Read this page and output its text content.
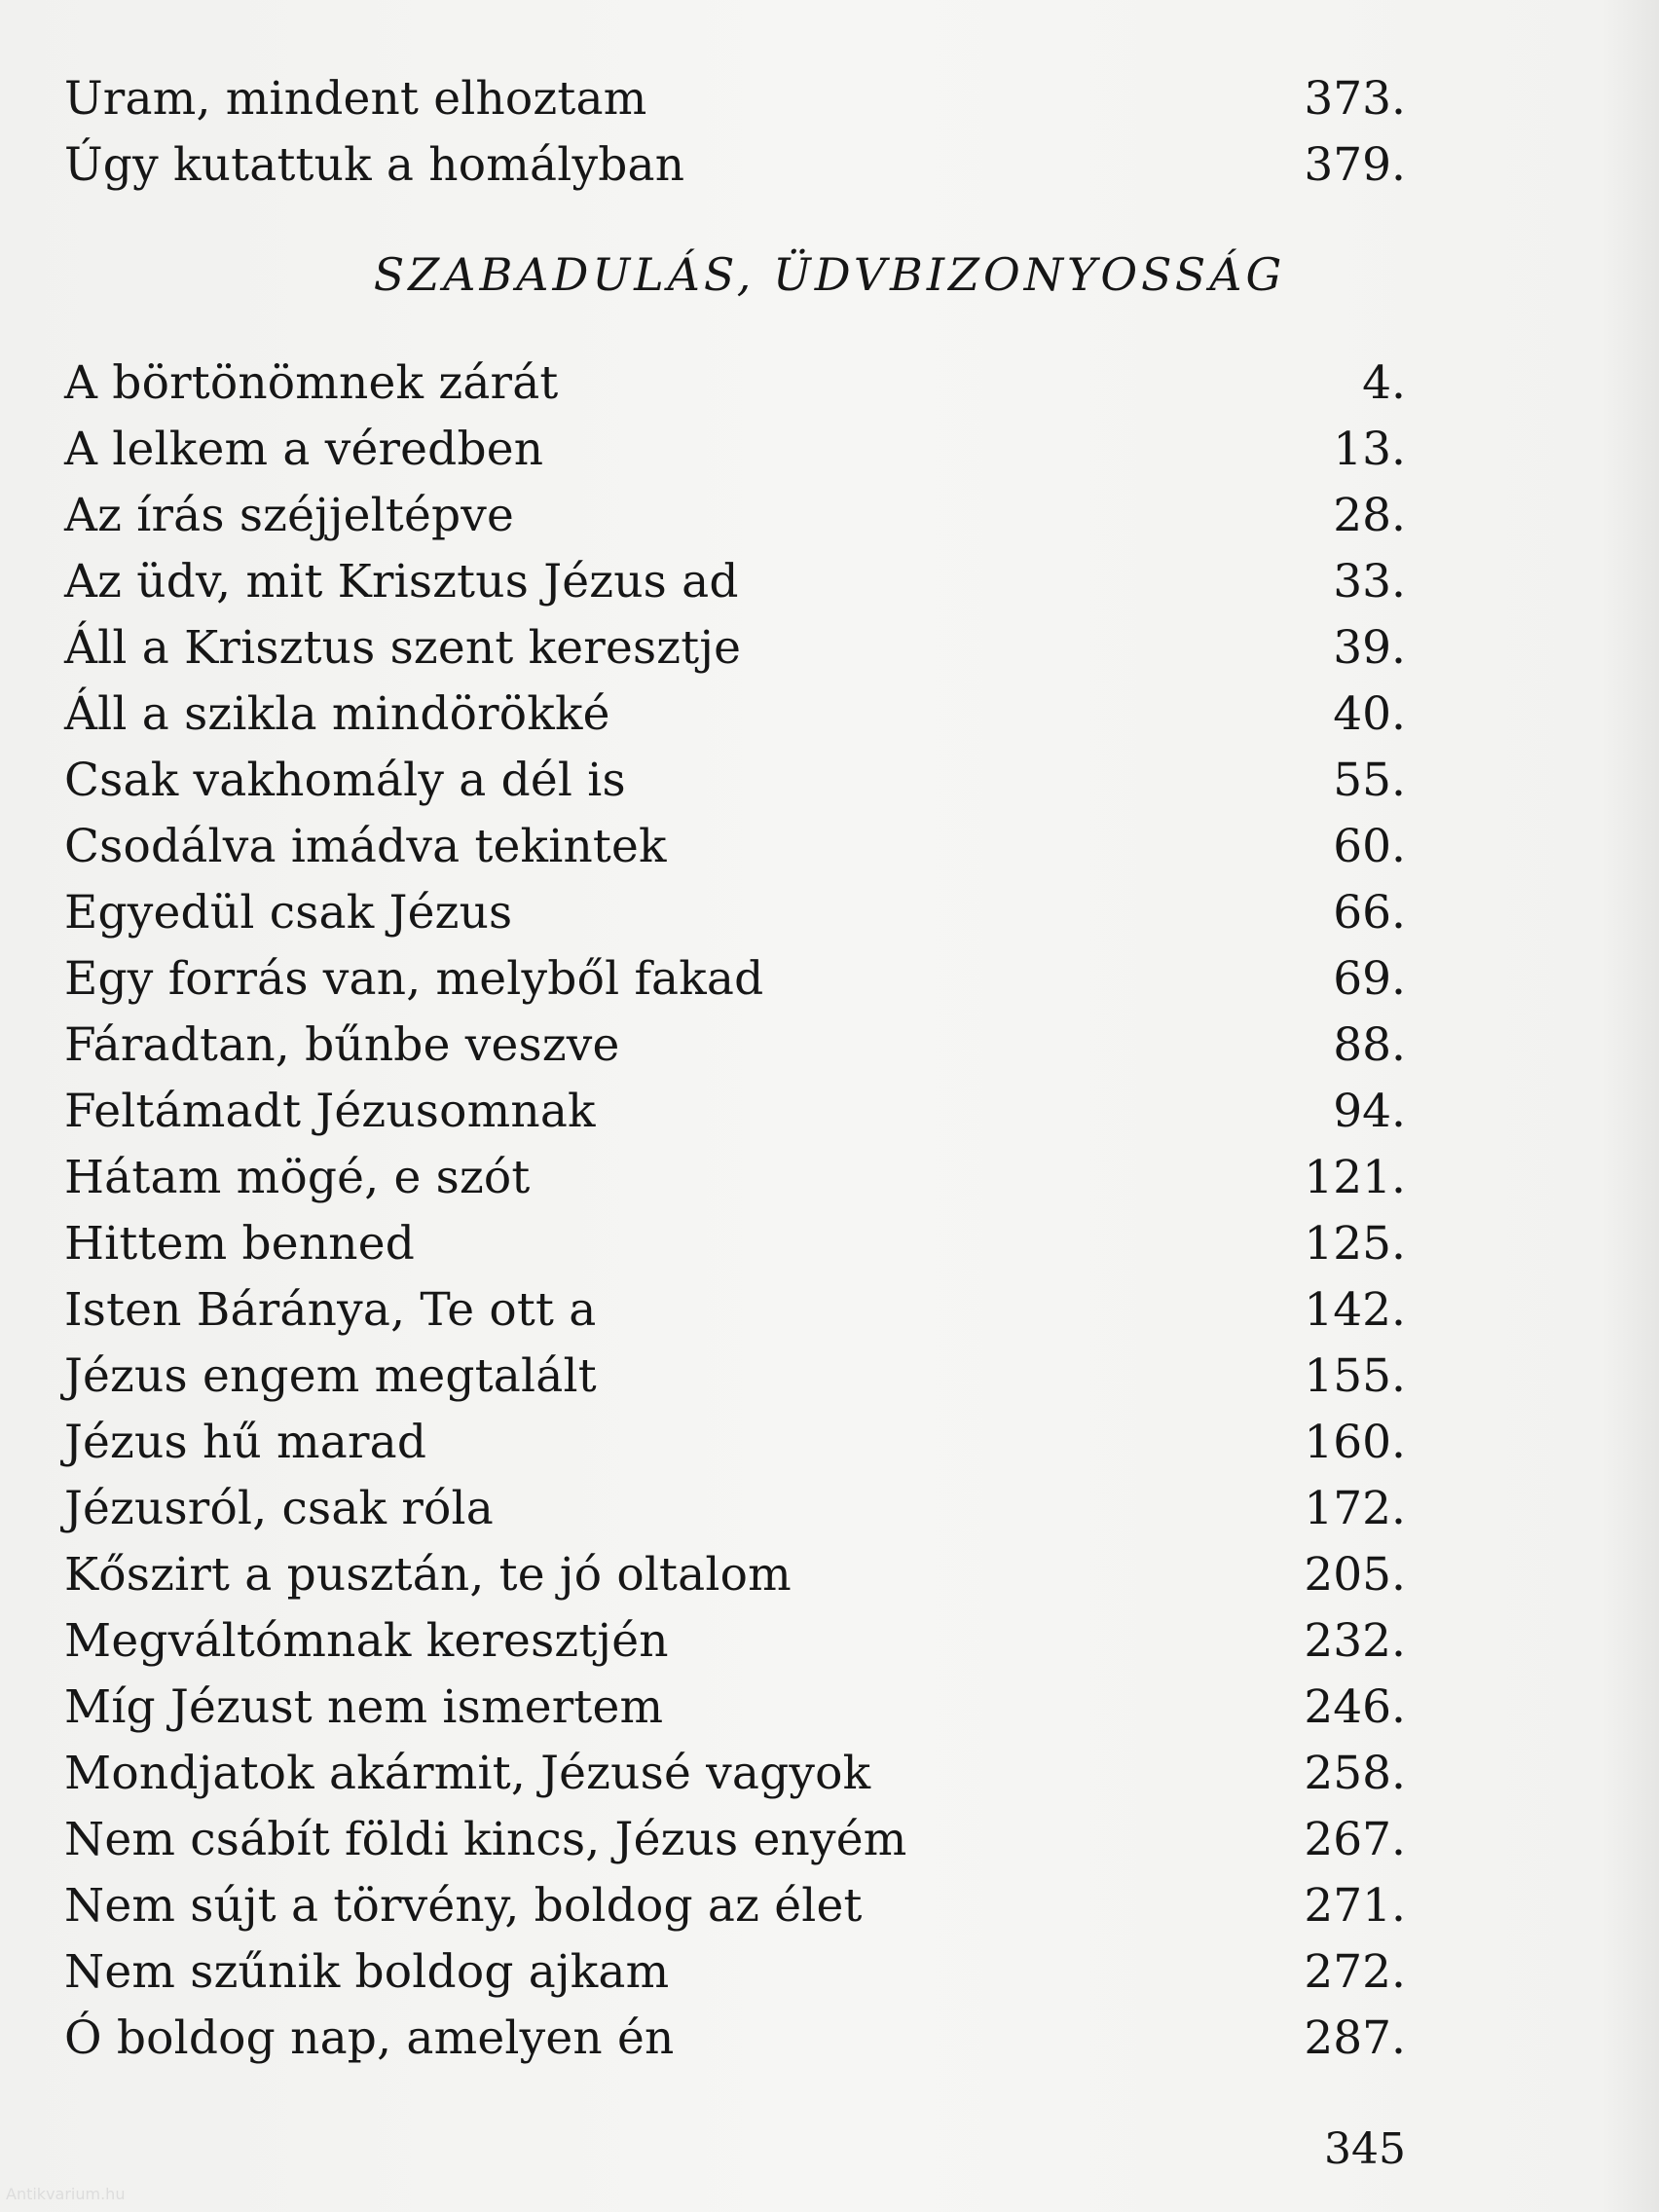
Uram, mindent elhoztam	373.
Úgy kutattuk a homályban	379.
SZABADULÁS, ÜDVBIZONYOSSÁG
A börtönömnek zárát	4.
A lelkem a véredben	13.
Az írás széjjeltépve	28.
Az üdv, mit Krisztus Jézus ad	33.
Áll a Krisztus szent keresztje	39.
Áll a szikla mindörökké	40.
Csak vakhomály a dél is	55.
Csodálva imádva tekintek	60.
Egyedül csak Jézus	66.
Egy forrás van, melyből fakad	69.
Fáradtan, bűnbe veszve	88.
Feltámadt Jézusomnak	94.
Hátam mögé, e szót	121.
Hittem benned	125.
Isten Báránya, Te ott a	142.
Jézus engem megtalált	155.
Jézus hű marad	160.
Jézusról, csak róla	172.
Kőszirt a pusztán, te jó oltalom	205.
Megváltómnak keresztjén	232.
Míg Jézust nem ismertem	246.
Mondjatok akármit, Jézusé vagyok	258.
Nem csábít földi kincs, Jézus enyém	267.
Nem sújt a törvény, boldog az élet	271.
Nem szűnik boldog ajkam	272.
Ó boldog nap, amelyen én	287.
345
Antikvarium.hu
